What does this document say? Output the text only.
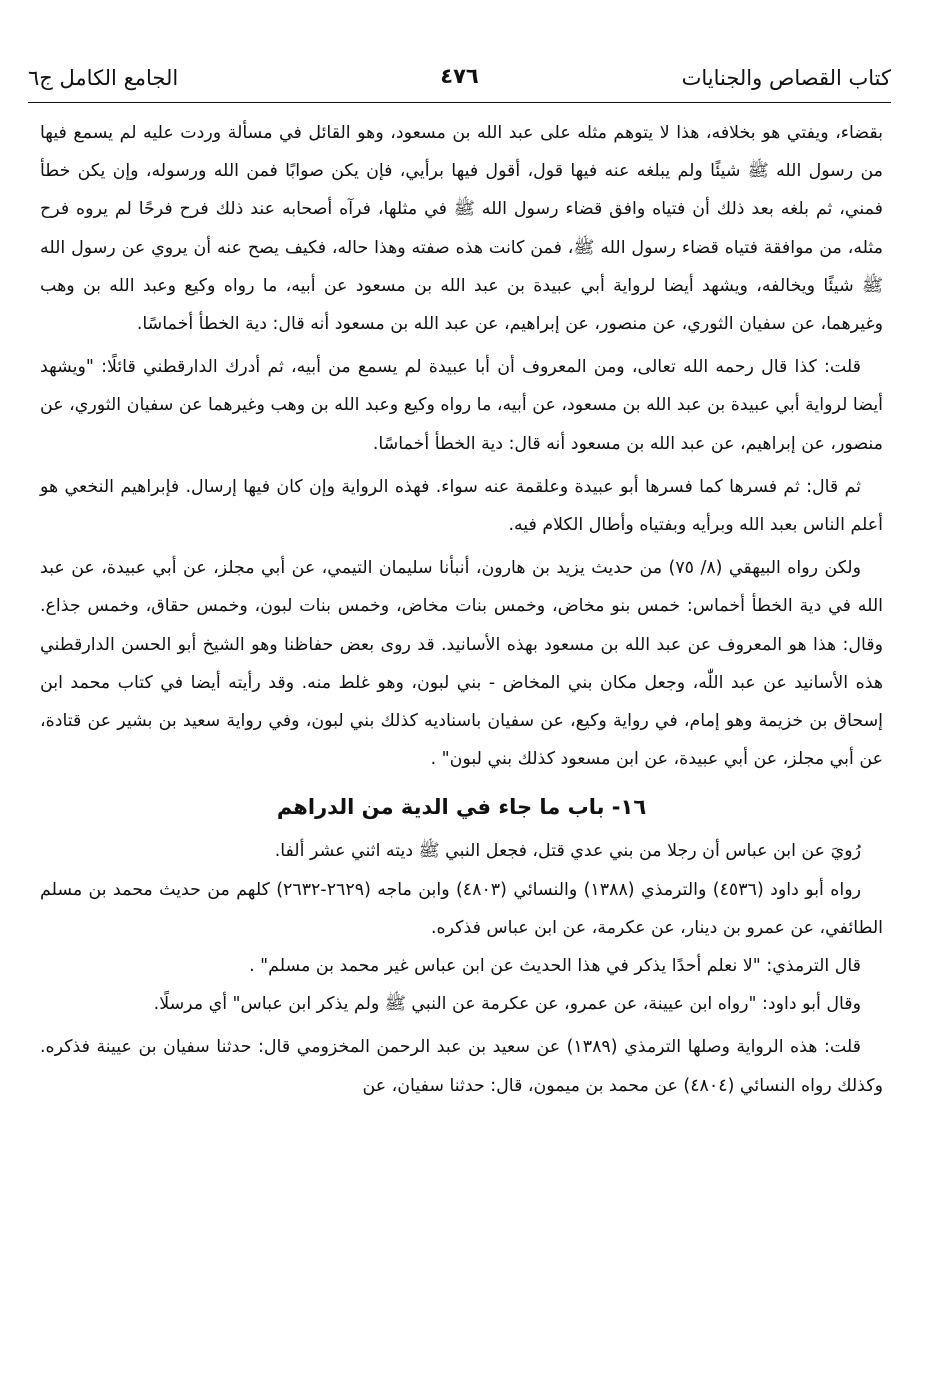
كتاب القصاص والجنايات
٤٧٦
الجامع الكامل ج٦

بقضاء، ويفتي هو بخلافه، هذا لا يتوهم مثله على عبد الله بن مسعود، وهو القائل في مسألة وردت عليه لم يسمع فيها من رسول الله ﷺ شيئًا ولم يبلغه عنه فيها قول، أقول فيها برأيي، فإن يكن صوابًا فمن الله ورسوله، وإن يكن خطأ فمني، ثم بلغه بعد ذلك أن فتياه وافق قضاء رسول الله ﷺ في مثلها، فرآه أصحابه عند ذلك فرح فرحًا لم يروه فرح مثله، من موافقة فتياه قضاء رسول الله ﷺ، فمن كانت هذه صفته وهذا حاله، فكيف يصح عنه أن يروي عن رسول الله ﷺ شيئًا ويخالفه، ويشهد أيضا لرواية أبي عبيدة بن عبد الله بن مسعود عن أبيه، ما رواه وكيع وعبد الله بن وهب وغيرهما، عن سفيان الثوري، عن منصور، عن إبراهيم، عن عبد الله بن مسعود أنه قال: دية الخطأ أخماسًا.

قلت: كذا قال رحمه الله تعالى، ومن المعروف أن أبا عبيدة لم يسمع من أبيه، ثم أدرك الدارقطني قائلًا: "ويشهد أيضا لرواية أبي عبيدة بن عبد الله بن مسعود، عن أبيه، ما رواه وكيع وعبد الله بن وهب وغيرهما عن سفيان الثوري، عن منصور، عن إبراهيم، عن عبد الله بن مسعود أنه قال: دية الخطأ أخماسًا.

ثم قال: ثم فسرها كما فسرها أبو عبيدة وعلقمة عنه سواء. فهذه الرواية وإن كان فيها إرسال. فإبراهيم النخعي هو أعلم الناس بعبد الله وبرأيه وبفتياه وأطال الكلام فيه.

ولكن رواه البيهقي (٨/ ٧٥) من حديث يزيد بن هارون، أنبأنا سليمان التيمي، عن أبي مجلز، عن أبي عبيدة، عن عبد الله في دية الخطأ أخماس: خمس بنو مخاض، وخمس بنات مخاض، وخمس بنات لبون، وخمس حقاق، وخمس جذاع. وقال: هذا هو المعروف عن عبد الله بن مسعود بهذه الأسانيد. قد روى بعض حفاظنا وهو الشيخ أبو الحسن الدارقطني هذه الأسانيد عن عبد اللّٰه، وجعل مكان بني المخاض - بني لبون، وهو غلط منه. وقد رأيته أيضا في كتاب محمد ابن إسحاق بن خزيمة وهو إمام، في رواية وكيع، عن سفيان باسناديه كذلك بني لبون، وفي رواية سعيد بن بشير عن قتادة، عن أبي مجلز، عن أبي عبيدة، عن ابن مسعود كذلك بني لبون" .

١٦- باب ما جاء في الدية من الدراهم

رُويَ عن ابن عباس أن رجلا من بني عدي قتل، فجعل النبي ﷺ ديته اثني عشر ألفا.

رواه أبو داود (٤٥٣٦) والترمذي (١٣٨٨) والنسائي (٤٨٠٣) وابن ماجه (٢٦٢٩-٢٦٣٢) كلهم من حديث محمد بن مسلم الطائفي، عن عمرو بن دينار، عن عكرمة، عن ابن عباس فذكره.

قال الترمذي: "لا نعلم أحدًا يذكر في هذا الحديث عن ابن عباس غير محمد بن مسلم" .

وقال أبو داود: "رواه ابن عيينة، عن عمرو، عن عكرمة عن النبي ﷺ ولم يذكر ابن عباس" أي مرسلًا.

قلت: هذه الرواية وصلها الترمذي (١٣٨٩) عن سعيد بن عبد الرحمن المخزومي قال: حدثنا سفيان بن عيينة فذكره. وكذلك رواه النسائي (٤٨٠٤) عن محمد بن ميمون، قال: حدثنا سفيان، عن
